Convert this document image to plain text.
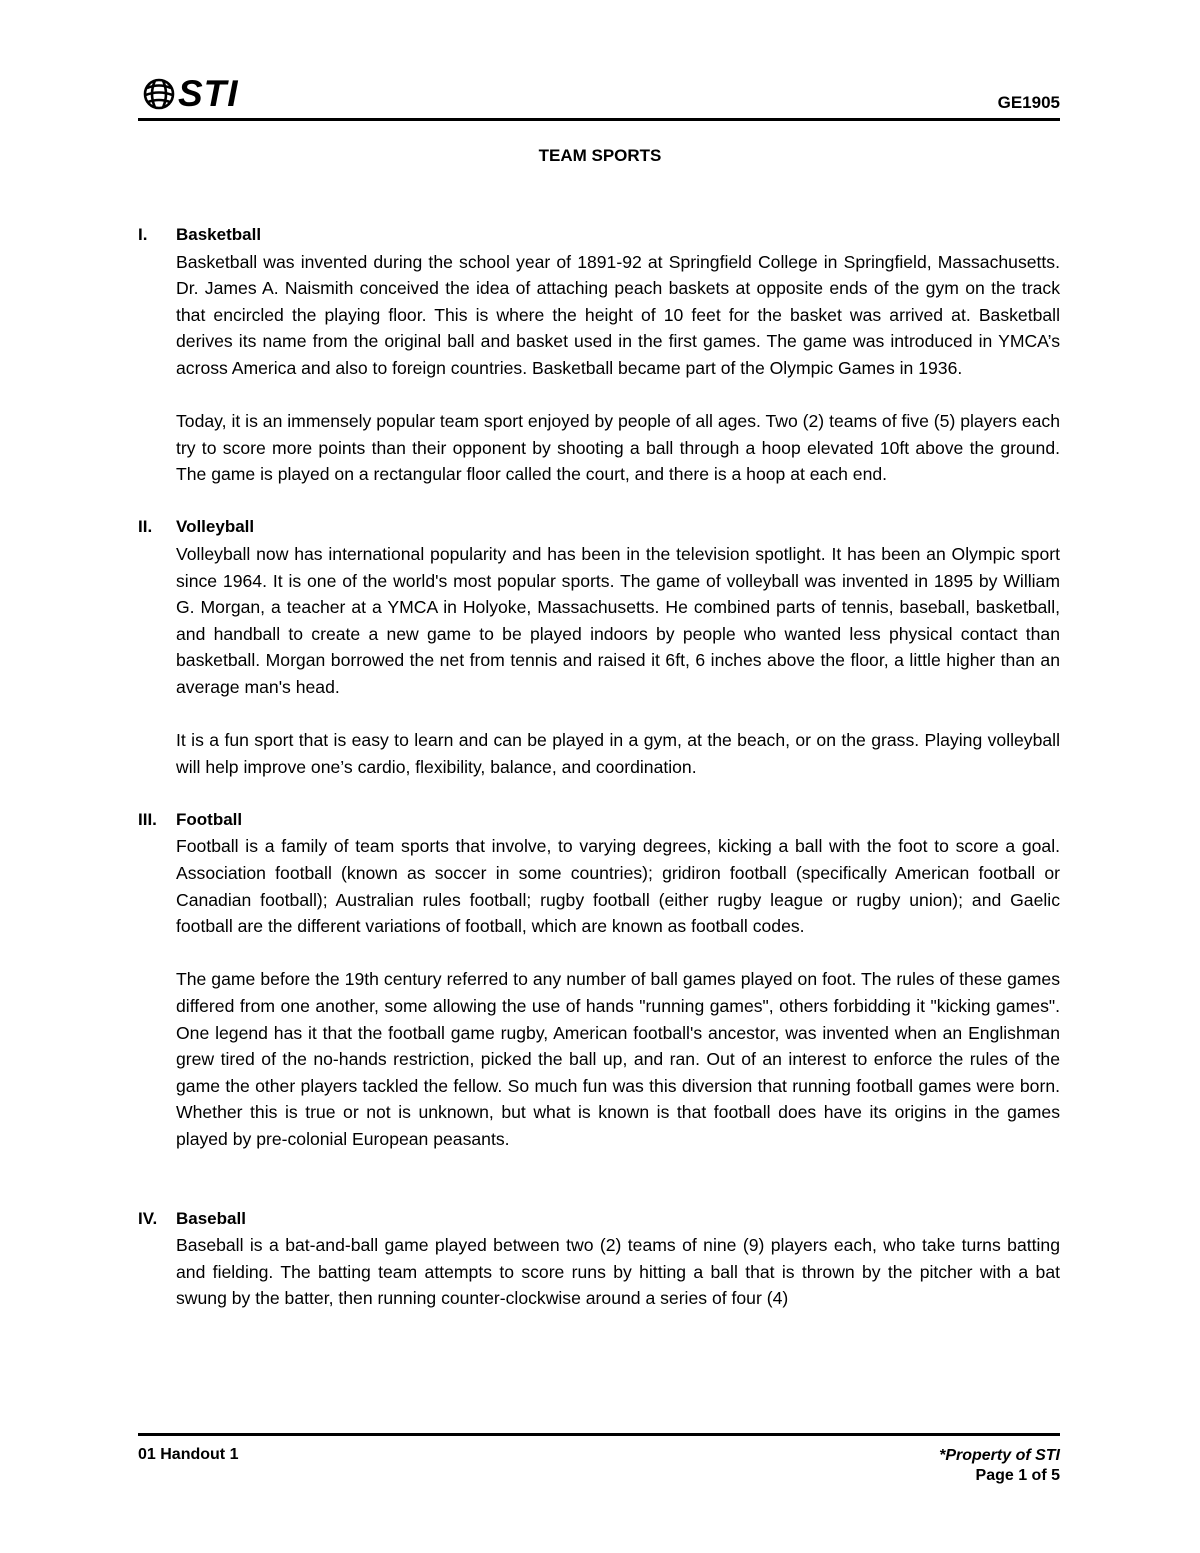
STI	GE1905
TEAM SPORTS
I.	Basketball

Basketball was invented during the school year of 1891-92 at Springfield College in Springfield, Massachusetts. Dr. James A. Naismith conceived the idea of attaching peach baskets at opposite ends of the gym on the track that encircled the playing floor. This is where the height of 10 feet for the basket was arrived at. Basketball derives its name from the original ball and basket used in the first games. The game was introduced in YMCA’s across America and also to foreign countries. Basketball became part of the Olympic Games in 1936.

Today, it is an immensely popular team sport enjoyed by people of all ages. Two (2) teams of five (5) players each try to score more points than their opponent by shooting a ball through a hoop elevated 10ft above the ground. The game is played on a rectangular floor called the court, and there is a hoop at each end.

II.	Volleyball

Volleyball now has international popularity and has been in the television spotlight. It has been an Olympic sport since 1964. It is one of the world's most popular sports. The game of volleyball was invented in 1895 by William G. Morgan, a teacher at a YMCA in Holyoke, Massachusetts. He combined parts of tennis, baseball, basketball, and handball to create a new game to be played indoors by people who wanted less physical contact than basketball. Morgan borrowed the net from tennis and raised it 6ft, 6 inches above the floor, a little higher than an average man's head.

It is a fun sport that is easy to learn and can be played in a gym, at the beach, or on the grass. Playing volleyball will help improve one’s cardio, flexibility, balance, and coordination.

III.	Football

Football is a family of team sports that involve, to varying degrees, kicking a ball with the foot to score a goal. Association football (known as soccer in some countries); gridiron football (specifically American football or Canadian football); Australian rules football; rugby football (either rugby league or rugby union); and Gaelic football are the different variations of football, which are known as football codes.

The game before the 19th century referred to any number of ball games played on foot. The rules of these games differed from one another, some allowing the use of hands "running games", others forbidding it "kicking games". One legend has it that the football game rugby, American football's ancestor, was invented when an Englishman grew tired of the no-hands restriction, picked the ball up, and ran. Out of an interest to enforce the rules of the game the other players tackled the fellow. So much fun was this diversion that running football games were born. Whether this is true or not is unknown, but what is known is that football does have its origins in the games played by pre-colonial European peasants.

IV.	Baseball

Baseball is a bat-and-ball game played between two (2) teams of nine (9) players each, who take turns batting and fielding. The batting team attempts to score runs by hitting a ball that is thrown by the pitcher with a bat swung by the batter, then running counter-clockwise around a series of four (4)

01 Handout 1	*Property of STI
Page 1 of 5
